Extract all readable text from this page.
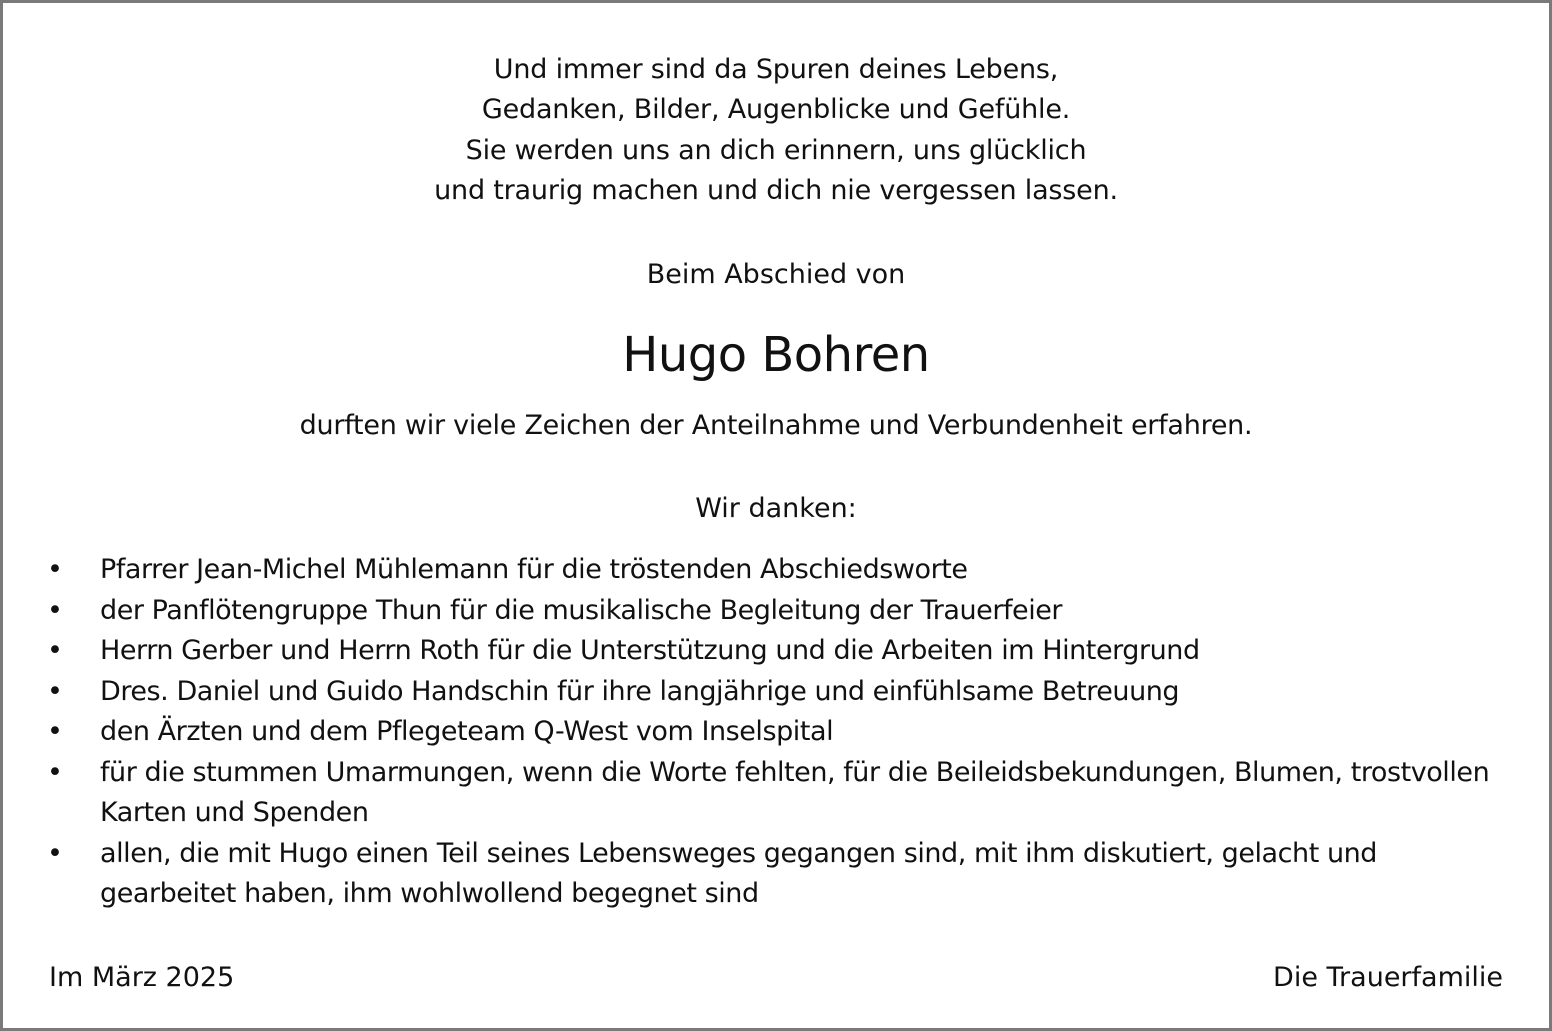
Und immer sind da Spuren deines Lebens,
Gedanken, Bilder, Augenblicke und Gefühle.
Sie werden uns an dich erinnern, uns glücklich
und traurig machen und dich nie vergessen lassen.
Beim Abschied von
Hugo Bohren
durften wir viele Zeichen der Anteilnahme und Verbundenheit erfahren.
Wir danken:
• Pfarrer Jean-Michel Mühlemann für die tröstenden Abschiedsworte
• der Panflötengruppe Thun für die musikalische Begleitung der Trauerfeier
• Herrn Gerber und Herrn Roth für die Unterstützung und die Arbeiten im Hintergrund
• Dres. Daniel und Guido Handschin für ihre langjährige und einfühlsame Betreuung
• den Ärzten und dem Pflegeteam Q-West vom Inselspital
• für die stummen Umarmungen, wenn die Worte fehlten, für die Beileidsbekundungen, Blumen, trostvollen Karten und Spenden
• allen, die mit Hugo einen Teil seines Lebensweges gegangen sind, mit ihm diskutiert, gelacht und gearbeitet haben, ihm wohlwollend begegnet sind
Im März 2025	Die Trauerfamilie
